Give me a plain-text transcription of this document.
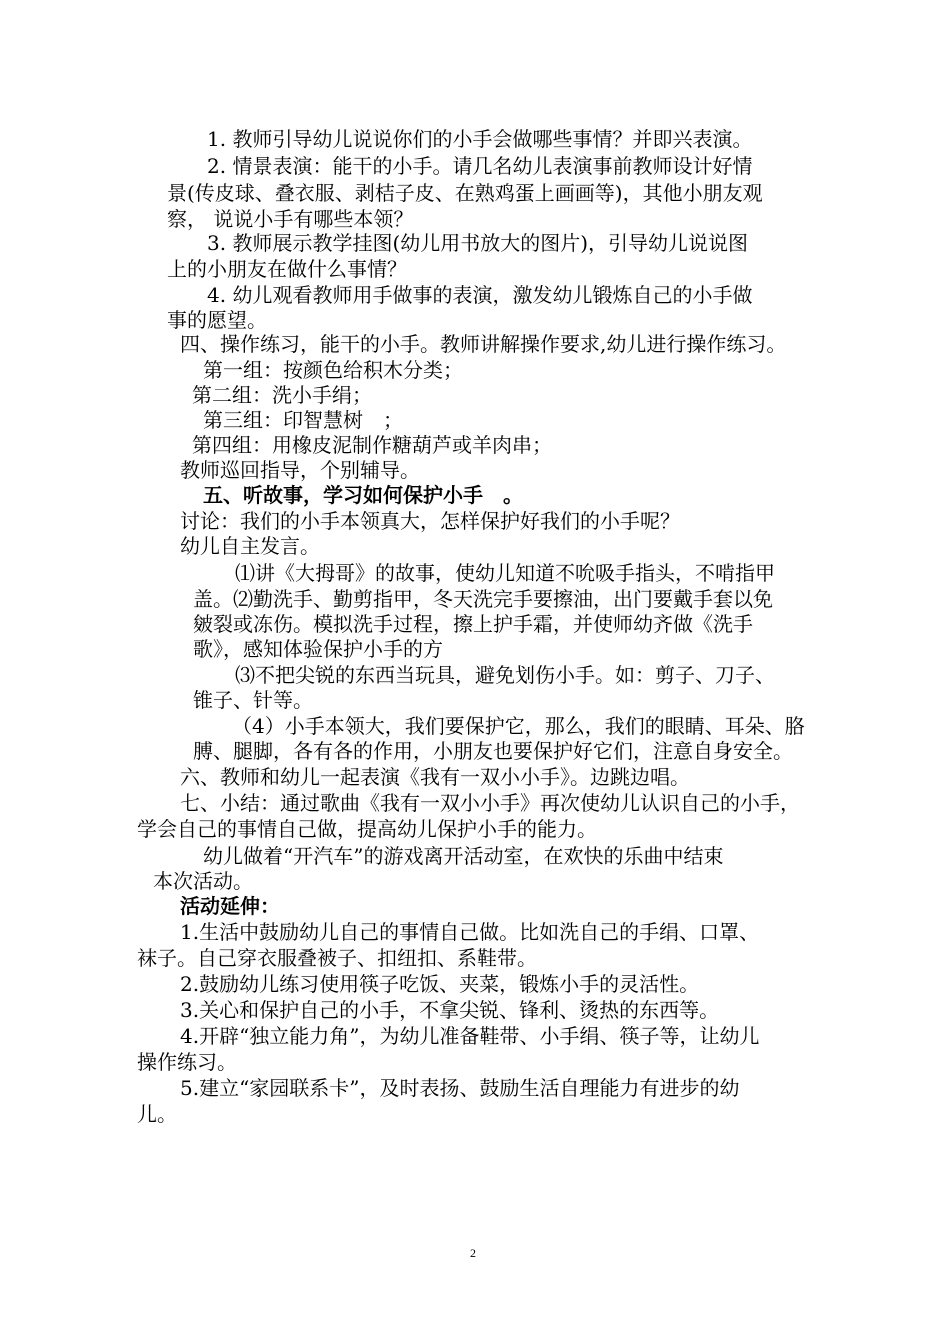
1. 教师引导幼儿说说你们的小手会做哪些事情？并即兴表演。
2. 情景表演：能干的小手。请几名幼儿表演事前教师设计好情
景(传皮球、叠衣服、剥桔子皮、在熟鸡蛋上画画等)，其他小朋友观
察， 说说小手有哪些本领？
3. 教师展示教学挂图(幼儿用书放大的图片)，引导幼儿说说图
上的小朋友在做什么事情？
4. 幼儿观看教师用手做事的表演，激发幼儿锻炼自己的小手做
事的愿望。
四、操作练习，能干的小手。教师讲解操作要求,幼儿进行操作练习。
第一组：按颜色给积木分类；
第二组：洗小手绢；
第三组：印智慧树　；
第四组：用橡皮泥制作糖葫芦或羊肉串；
教师巡回指导，个别辅导。
五、听故事，学习如何保护小手　。
讨论：我们的小手本领真大，怎样保护好我们的小手呢？
幼儿自主发言。
⑴讲《大拇哥》的故事，使幼儿知道不吮吸手指头，不啃指甲
盖。⑵勤洗手、勤剪指甲，冬天洗完手要擦油，出门要戴手套以免
皴裂或冻伤。模拟洗手过程，擦上护手霜，并使师幼齐做《洗手
歌》，感知体验保护小手的方
⑶不把尖锐的东西当玩具，避免划伤小手。如：剪子、刀子、
锥子、针等。
（4）小手本领大，我们要保护它，那么，我们的眼睛、耳朵、胳
膊、腿脚，各有各的作用，小朋友也要保护好它们，注意自身安全。
六、教师和幼儿一起表演《我有一双小小手》。边跳边唱。
七、小结：通过歌曲《我有一双小小手》再次使幼儿认识自己的小手，
学会自己的事情自己做，提高幼儿保护小手的能力。
幼儿做着“开汽车”的游戏离开活动室，在欢快的乐曲中结束
本次活动。
活动延伸：
1.生活中鼓励幼儿自己的事情自己做。比如洗自己的手绢、口罩、
袜子。自己穿衣服叠被子、扣纽扣、系鞋带。
2.鼓励幼儿练习使用筷子吃饭、夹菜，锻炼小手的灵活性。
3.关心和保护自己的小手，不拿尖锐、锋利、烫热的东西等。
4.开辟“独立能力角”，为幼儿准备鞋带、小手绢、筷子等，让幼儿
操作练习。
5.建立“家园联系卡”，及时表扬、鼓励生活自理能力有进步的幼
儿。
2
